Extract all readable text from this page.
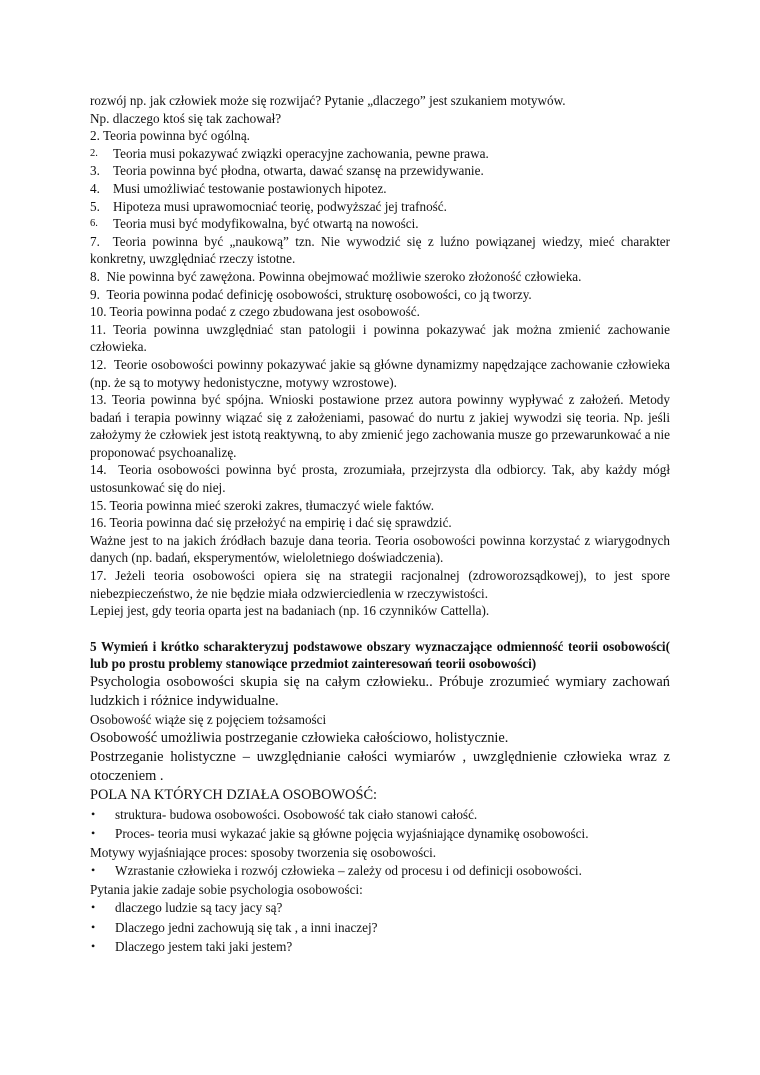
rozwój np. jak człowiek może się rozwijać? Pytanie „dlaczego” jest szukaniem motywów.

Np. dlaczego ktoś się tak zachował?

2. Teoria powinna być ogólną.

2.	Teoria musi pokazywać związki operacyjne zachowania, pewne prawa.
3. Teoria powinna być płodna, otwarta, dawać szansę na przewidywanie.
4. Musi umożliwiać testowanie postawionych hipotez.
5. Hipoteza musi uprawomocniać teorię, podwyższać jej trafność.
6.	Teoria musi być modyfikowalna, być otwartą na nowości.

7. Teoria powinna być „naukową” tzn. Nie wywodzić się z luźno powiązanej wiedzy, mieć charakter konkretny, uwzględniać rzeczy istotne.

8. Nie powinna być zawężona. Powinna obejmować możliwie szeroko złożoność człowieka.

9. Teoria powinna podać definicję osobowości, strukturę osobowości, co ją tworzy.

10. Teoria powinna podać z czego zbudowana jest osobowość.

11. Teoria powinna uwzględniać stan patologii i powinna pokazywać jak można zmienić zachowanie człowieka.

12. Teorie osobowości powinny pokazywać jakie są główne dynamizmy napędzające zachowanie człowieka (np. że są to motywy hedonistyczne, motywy wzrostowe).

13. Teoria powinna być spójna. Wnioski postawione przez autora powinny wypływać z założeń. Metody badań i terapia powinny wiązać się z założeniami, pasować do nurtu z jakiej wywodzi się teoria. Np. jeśli założymy że człowiek jest istotą reaktywną, to aby zmienić jego zachowania musze go przewarunkować a nie proponować psychoanalizę.

14. Teoria osobowości powinna być prosta, zrozumiała, przejrzysta dla odbiorcy. Tak, aby każdy mógł ustosunkować się do niej.

15. Teoria powinna mieć szeroki zakres, tłumaczyć wiele faktów.

16. Teoria powinna dać się przełożyć na empirię i dać się sprawdzić.

Ważne jest to na jakich źródłach bazuje dana teoria. Teoria osobowości powinna korzystać z wiarygodnych danych (np. badań, eksperymentów, wieloletniego doświadczenia).

17. Jeżeli teoria osobowości opiera się na strategii racjonalnej (zdroworozsądkowej), to jest spore niebezpieczeństwo, że nie będzie miała odzwierciedlenia w rzeczywistości.

Lepiej jest, gdy teoria oparta jest na badaniach (np. 16 czynników Cattella).

5 Wymień i krótko scharakteryzuj podstawowe obszary wyznaczające odmienność teorii osobowości( lub po prostu problemy stanowiące przedmiot zainteresowań teorii osobowości)

Psychologia osobowości skupia się na całym człowieku.. Próbuje zrozumieć wymiary zachowań ludzkich i różnice indywidualne.

Osobowość wiąże się z pojęciem tożsamości

Osobowość umożliwia postrzeganie człowieka całościowo, holistycznie.

Postrzeganie holistyczne – uwzględnianie całości wymiarów , uwzględnienie człowieka wraz z otoczeniem .

POLA NA KTÓRYCH DZIAŁA OSOBOWOŚĆ:

•	struktura- budowa osobowości. Osobowość tak ciało stanowi całość.
•	Proces- teoria musi wykazać jakie są główne pojęcia wyjaśniające dynamikę osobowości.

Motywy wyjaśniające proces: sposoby tworzenia się osobowości.

•	Wzrastanie człowieka i rozwój człowieka – zależy od procesu i od definicji osobowości.

Pytania jakie zadaje sobie psychologia osobowości:

•	dlaczego ludzie są tacy jacy są?
•	Dlaczego jedni zachowują się tak , a inni inaczej?
•	Dlaczego jestem taki jaki jestem?
